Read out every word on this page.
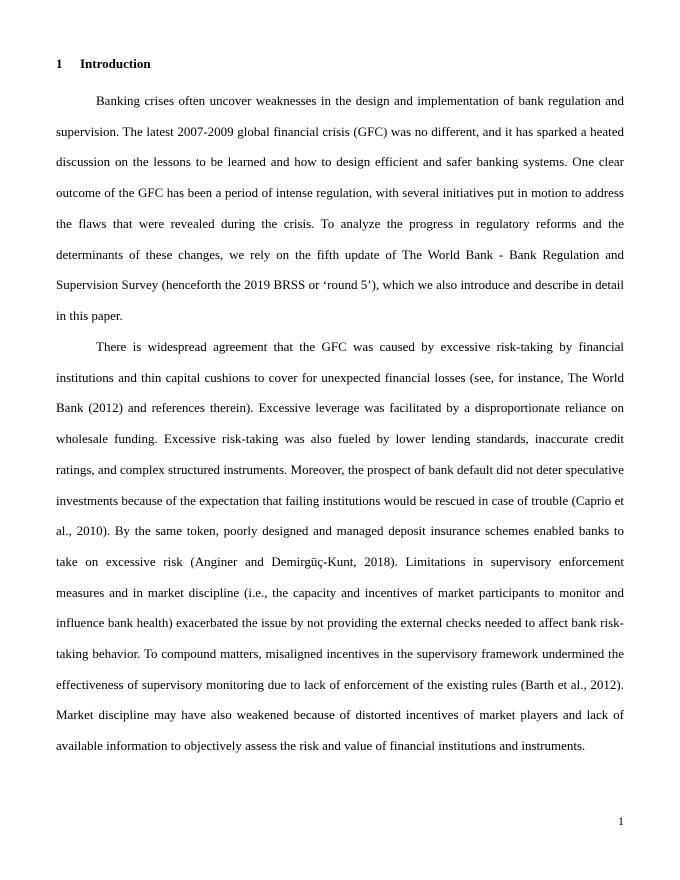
1 Introduction

Banking crises often uncover weaknesses in the design and implementation of bank regulation and supervision. The latest 2007-2009 global financial crisis (GFC) was no different, and it has sparked a heated discussion on the lessons to be learned and how to design efficient and safer banking systems. One clear outcome of the GFC has been a period of intense regulation, with several initiatives put in motion to address the flaws that were revealed during the crisis. To analyze the progress in regulatory reforms and the determinants of these changes, we rely on the fifth update of The World Bank - Bank Regulation and Supervision Survey (henceforth the 2019 BRSS or ‘round 5’), which we also introduce and describe in detail in this paper.

There is widespread agreement that the GFC was caused by excessive risk-taking by financial institutions and thin capital cushions to cover for unexpected financial losses (see, for instance, The World Bank (2012) and references therein). Excessive leverage was facilitated by a disproportionate reliance on wholesale funding. Excessive risk-taking was also fueled by lower lending standards, inaccurate credit ratings, and complex structured instruments. Moreover, the prospect of bank default did not deter speculative investments because of the expectation that failing institutions would be rescued in case of trouble (Caprio et al., 2010). By the same token, poorly designed and managed deposit insurance schemes enabled banks to take on excessive risk (Anginer and Demirgüç-Kunt, 2018). Limitations in supervisory enforcement measures and in market discipline (i.e., the capacity and incentives of market participants to monitor and influence bank health) exacerbated the issue by not providing the external checks needed to affect bank risk-taking behavior. To compound matters, misaligned incentives in the supervisory framework undermined the effectiveness of supervisory monitoring due to lack of enforcement of the existing rules (Barth et al., 2012). Market discipline may have also weakened because of distorted incentives of market players and lack of available information to objectively assess the risk and value of financial institutions and instruments.

1
